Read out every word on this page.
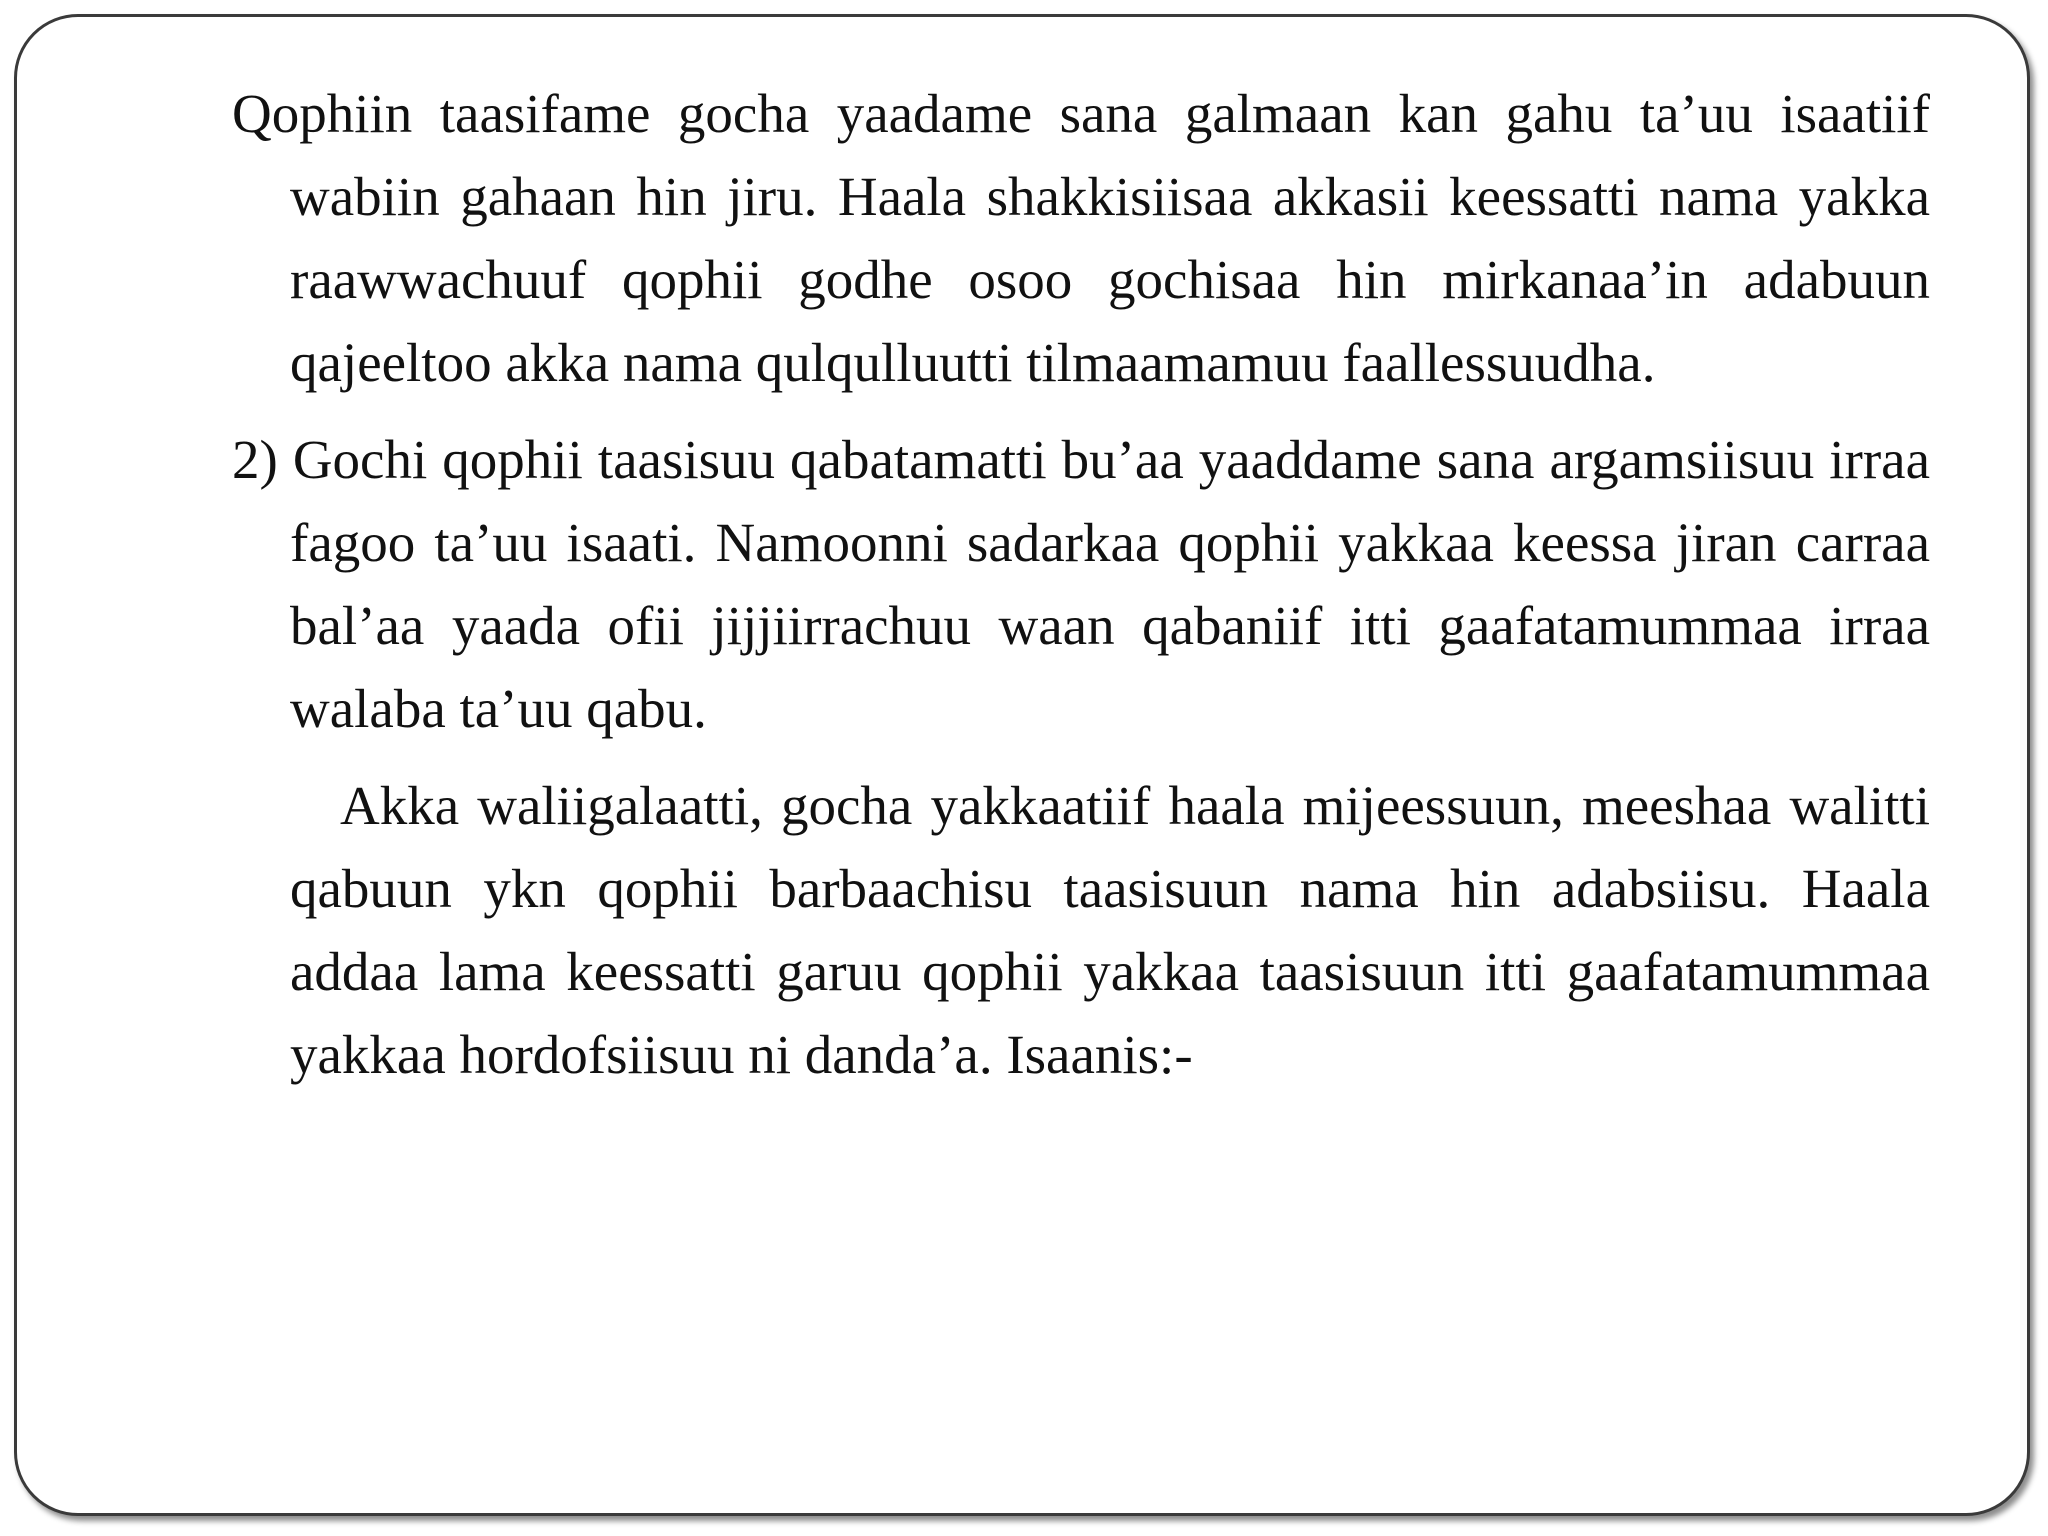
Qophiin taasifame gocha yaadame sana galmaan kan gahu ta’uu isaatiif wabiin gahaan hin jiru. Haala shakkisiisaa akkasii keessatti nama yakka raawwachuuf qophii godhe osoo gochisaa hin mirkanaa’in adabuun qajeeltoo akka nama qulqulluutti tilmaamamuu faallessuudha.

2) Gochi qophii taasisuu qabatamatti bu’aa yaaddame sana argamsiisuu irraa fagoo ta’uu isaati. Namoonni sadarkaa qophii yakkaa keessa jiran carraa bal’aa yaada ofii jijjiirrachuu waan qabaniif itti gaafatamummaa irraa walaba ta’uu qabu.

Akka waliigalaatti, gocha yakkaatiif haala mijeessuun, meeshaa walitti qabuun ykn qophii barbaachisu taasisuun nama hin adabsiisu. Haala addaa lama keessatti garuu qophii yakkaa taasisuun itti gaafatamummaa yakkaa hordofsiisuu ni danda’a. Isaanis:-
